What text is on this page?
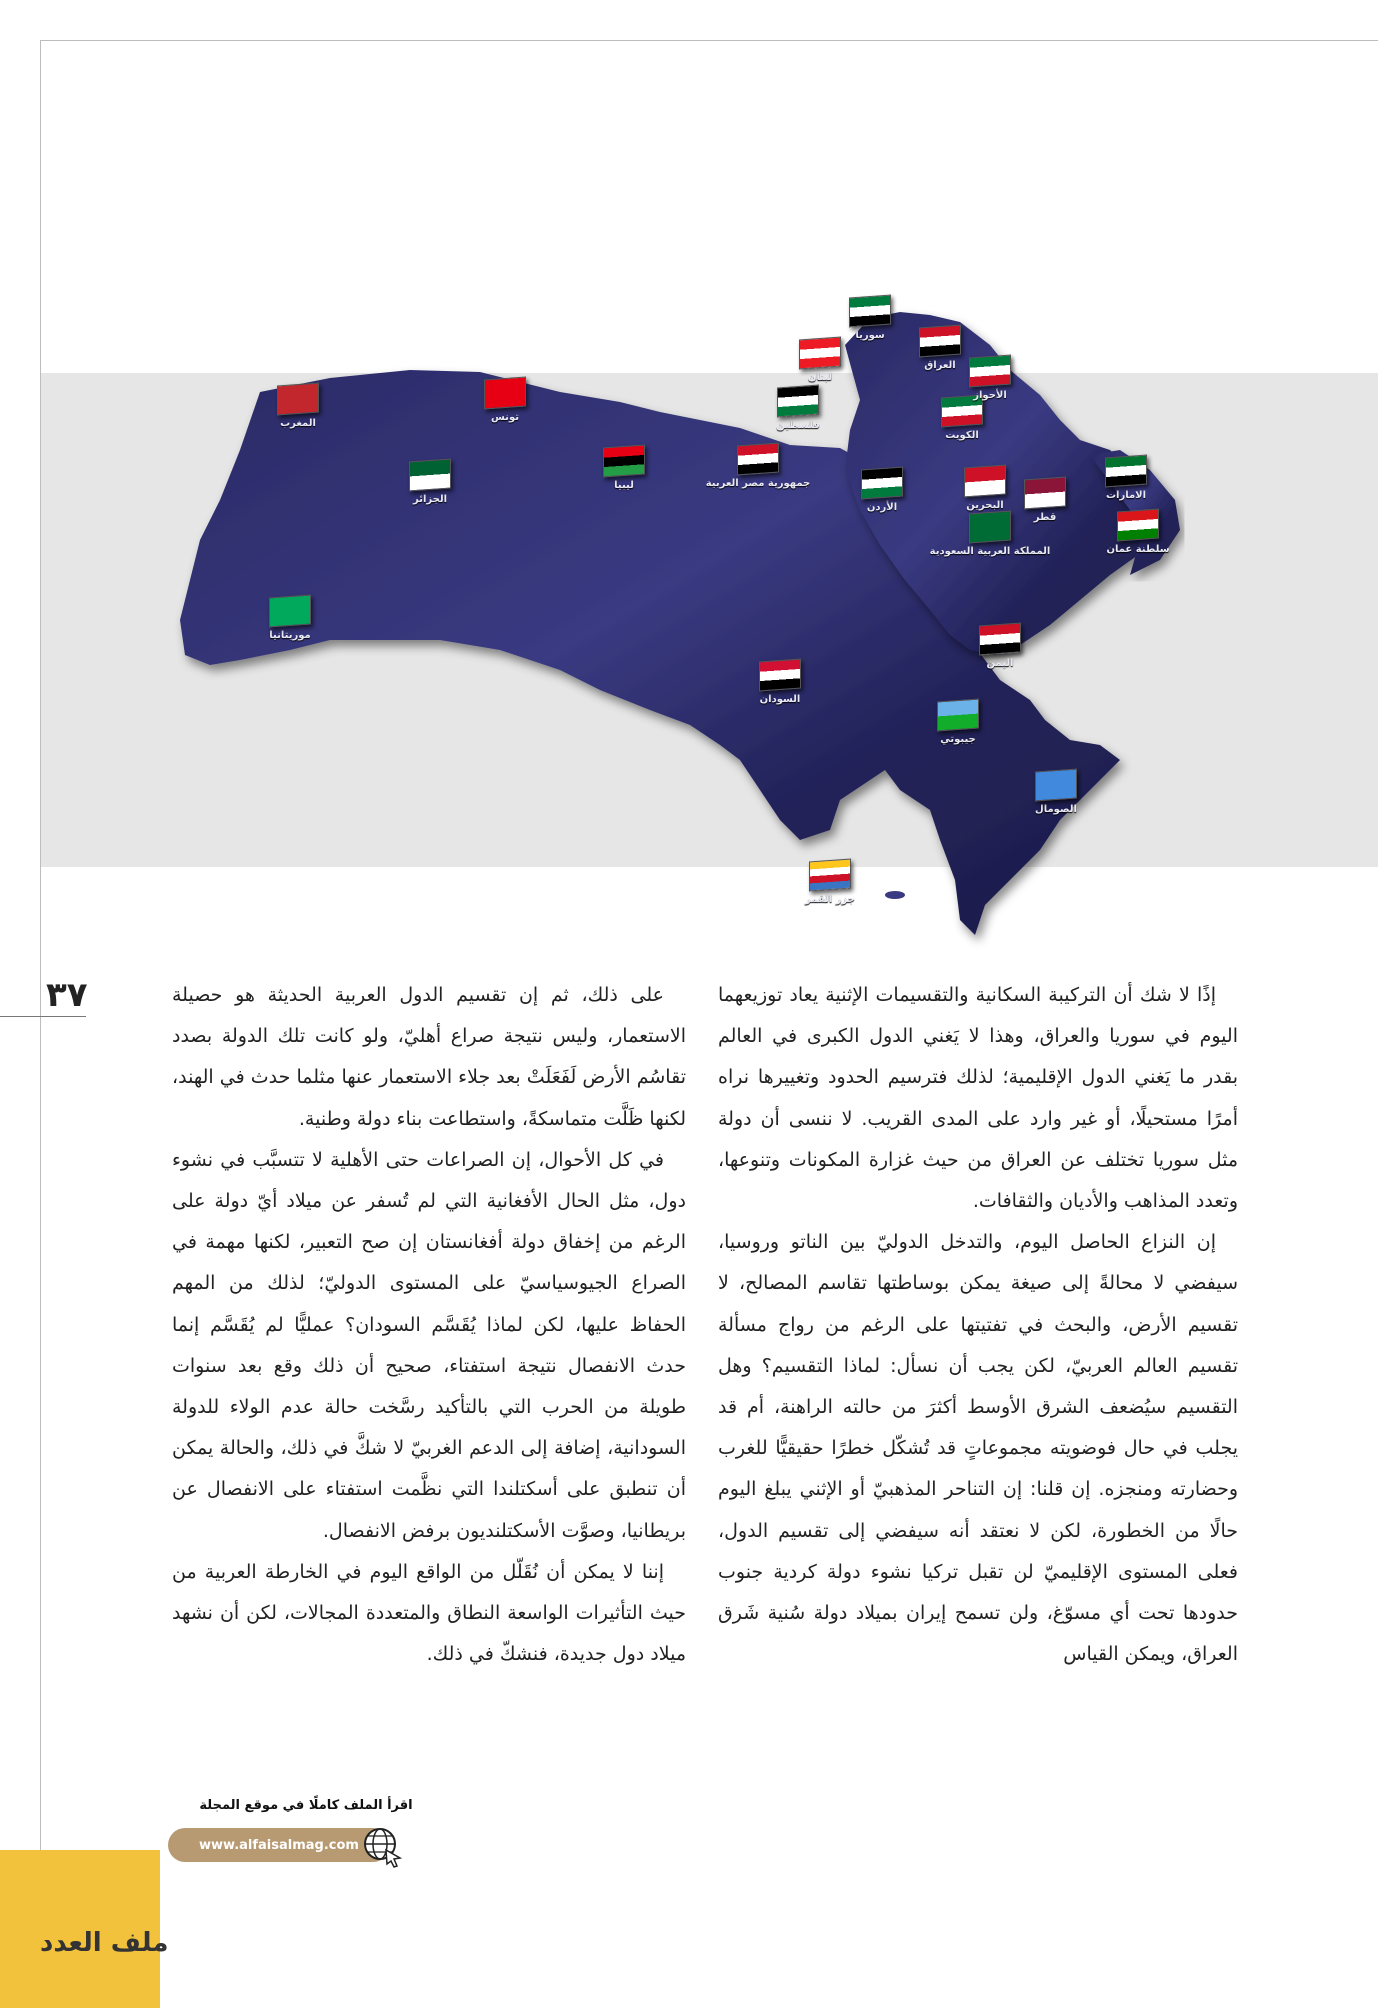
المغرب
تونس
الجزائر
ليبيا
موريتانيا
جمهورية مصر العربية
السودان
سوريا
لبنان
فلسطين
الأردن
العراق
الكويت
البحرين
قطر
الأحواز
الامارات
سلطنة عمان
المملكة العربية السعودية
اليمن
جيبوتي
الصومال
جزر القمر
٣٧	إذًا لا شك أن التركيبة السكانية والتقسيمات الإثنية يعاد توزيعهما اليوم في سوريا والعراق، وهذا لا يَغني الدول الكبرى في العالم بقدر ما يَغني الدول الإقليمية؛ لذلك فترسيم الحدود وتغييرها نراه أمرًا مستحيلًا، أو غير وارد على المدى القريب. لا ننسى أن دولة مثل سوريا تختلف عن العراق من حيث غزارة المكونات وتنوعها، وتعدد المذاهب والأديان والثقافات.

إن النزاع الحاصل اليوم، والتدخل الدوليّ بين الناتو وروسيا، سيفضي لا محالةً إلى صيغة يمكن بوساطتها تقاسم المصالح، لا تقسيم الأرض، والبحث في تفتيتها على الرغم من رواج مسألة تقسيم العالم العربيّ، لكن يجب أن نسأل: لماذا التقسيم؟ وهل التقسيم سيُضعف الشرق الأوسط أكثرَ من حالته الراهنة، أم قد يجلب في حال فوضويته مجموعاتٍ قد تُشكّل خطرًا حقيقيًّا للغرب وحضارته ومنجزه. إن قلنا: إن التناحر المذهبيّ أو الإثني يبلغ اليوم حالًا من الخطورة، لكن لا نعتقد أنه سيفضي إلى تقسيم الدول، فعلى المستوى الإقليميّ لن تقبل تركيا نشوء دولة كردية جنوب حدودها تحت أي مسوّغ، ولن تسمح إيران بميلاد دولة سُنية شَرق العراق، ويمكن القياس

على ذلك، ثم إن تقسيم الدول العربية الحديثة هو حصيلة الاستعمار، وليس نتيجة صراع أهليّ، ولو كانت تلك الدولة بصدد تقاسُم الأرض لَفَعَلَتْ بعد جلاء الاستعمار عنها مثلما حدث في الهند، لكنها ظَلَّت متماسكةً، واستطاعت بناء دولة وطنية.

في كل الأحوال، إن الصراعات حتى الأهلية لا تتسبَّب في نشوء دول، مثل الحال الأفغانية التي لم تُسفر عن ميلاد أيّ دولة على الرغم من إخفاق دولة أفغانستان إن صح التعبير، لكنها مهمة في الصراع الجيوسياسيّ على المستوى الدوليّ؛ لذلك من المهم الحفاظ عليها، لكن لماذا يُقَسَّم السودان؟ عمليًّا لم يُقَسَّم إنما حدث الانفصال نتيجة استفتاء، صحيح أن ذلك وقع بعد سنوات طويلة من الحرب التي بالتأكيد رسَّخت حالة عدم الولاء للدولة السودانية، إضافة إلى الدعم الغربيّ لا شكَّ في ذلك، والحالة يمكن أن تنطبق على أسكتلندا التي نظَّمت استفتاء على الانفصال عن بريطانيا، وصوَّت الأسكتلنديون برفض الانفصال.

إننا لا يمكن أن نُقَلّل من الواقع اليوم في الخارطة العربية من حيث التأثيرات الواسعة النطاق والمتعددة المجالات، لكن أن نشهد ميلاد دول جديدة، فنشكّ في ذلك.

اقرأ الملف كاملًا في موقع المجلة
www.alfaisalmag.com
ملف العدد
